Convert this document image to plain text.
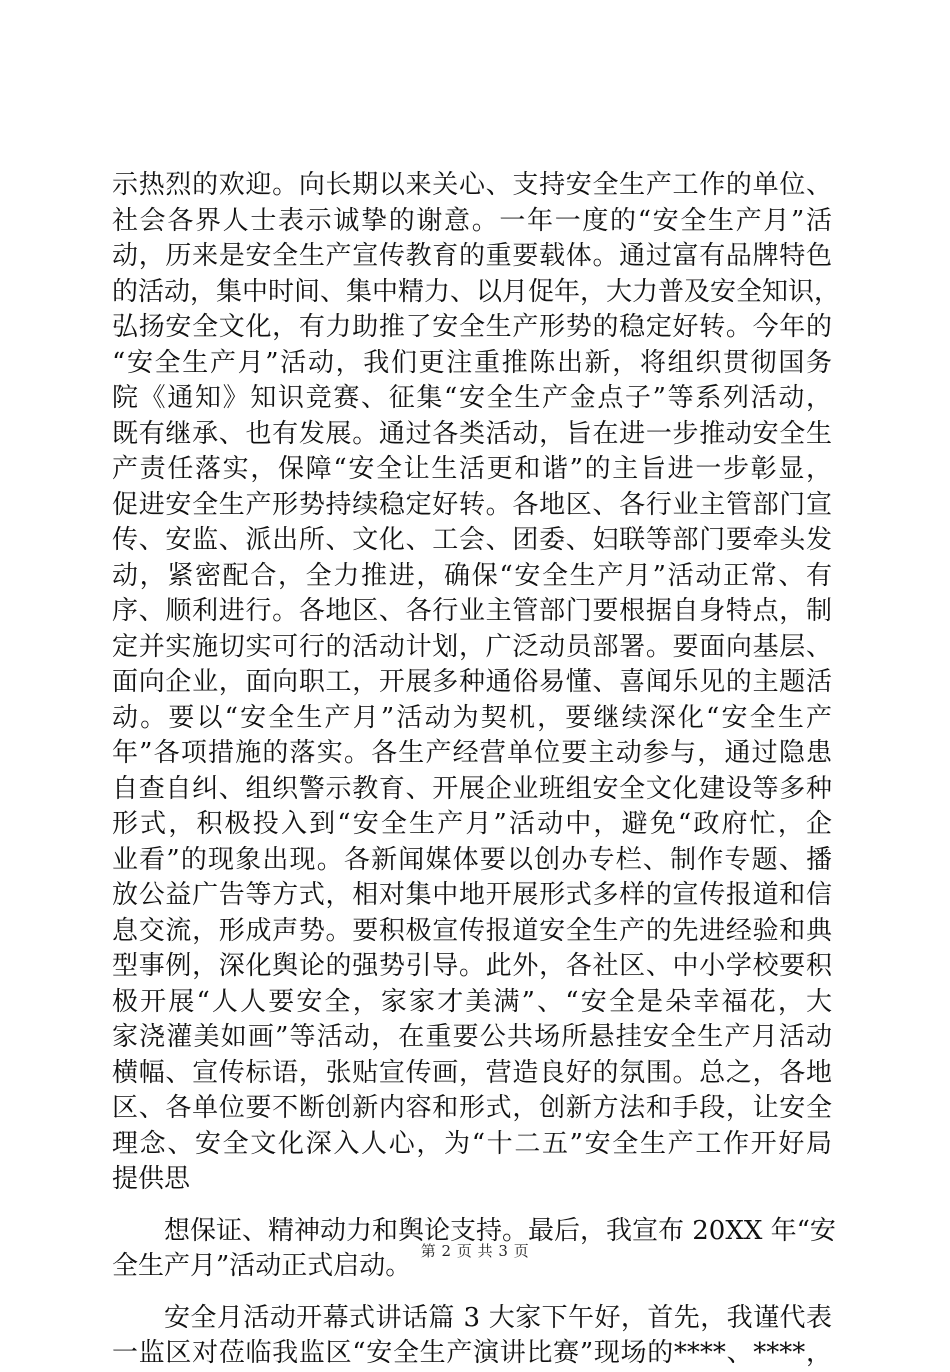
示热烈的欢迎。向长期以来关心、支持安全生产工作的单位、
社会各界人士表示诚挚的谢意。一年一度的“安全生产月”活
动，历来是安全生产宣传教育的重要载体。通过富有品牌特色
的活动，集中时间、集中精力、以月促年，大力普及安全知识，
弘扬安全文化，有力助推了安全生产形势的稳定好转。今年的
“安全生产月”活动，我们更注重推陈出新，将组织贯彻国务
院《通知》知识竞赛、征集“安全生产金点子”等系列活动，
既有继承、也有发展。通过各类活动，旨在进一步推动安全生
产责任落实，保障“安全让生活更和谐”的主旨进一步彰显，
促进安全生产形势持续稳定好转。各地区、各行业主管部门宣
传、安监、派出所、文化、工会、团委、妇联等部门要牵头发
动，紧密配合，全力推进，确保“安全生产月”活动正常、有
序、顺利进行。各地区、各行业主管部门要根据自身特点，制
定并实施切实可行的活动计划，广泛动员部署。要面向基层、
面向企业，面向职工，开展多种通俗易懂、喜闻乐见的主题活
动。要以“安全生产月”活动为契机，要继续深化“安全生产
年”各项措施的落实。各生产经营单位要主动参与，通过隐患
自查自纠、组织警示教育、开展企业班组安全文化建设等多种
形式，积极投入到“安全生产月”活动中，避免“政府忙，企
业看”的现象出现。各新闻媒体要以创办专栏、制作专题、播
放公益广告等方式，相对集中地开展形式多样的宣传报道和信
息交流，形成声势。要积极宣传报道安全生产的先进经验和典
型事例，深化舆论的强势引导。此外，各社区、中小学校要积
极开展“人人要安全，家家才美满”、“安全是朵幸福花，大
家浇灌美如画”等活动，在重要公共场所悬挂安全生产月活动
横幅、宣传标语，张贴宣传画，营造良好的氛围。总之，各地
区、各单位要不断创新内容和形式，创新方法和手段，让安全
理念、安全文化深入人心，为“十二五”安全生产工作开好局
提供思
想保证、精神动力和舆论支持。最后，我宣布 20XX 年“安
全生产月”活动正式启动。
安全月活动开幕式讲话篇 3 大家下午好，首先，我谨代表
一监区对莅临我监区“安全生产演讲比赛”现场的****、****，
第 2 页 共 3 页
